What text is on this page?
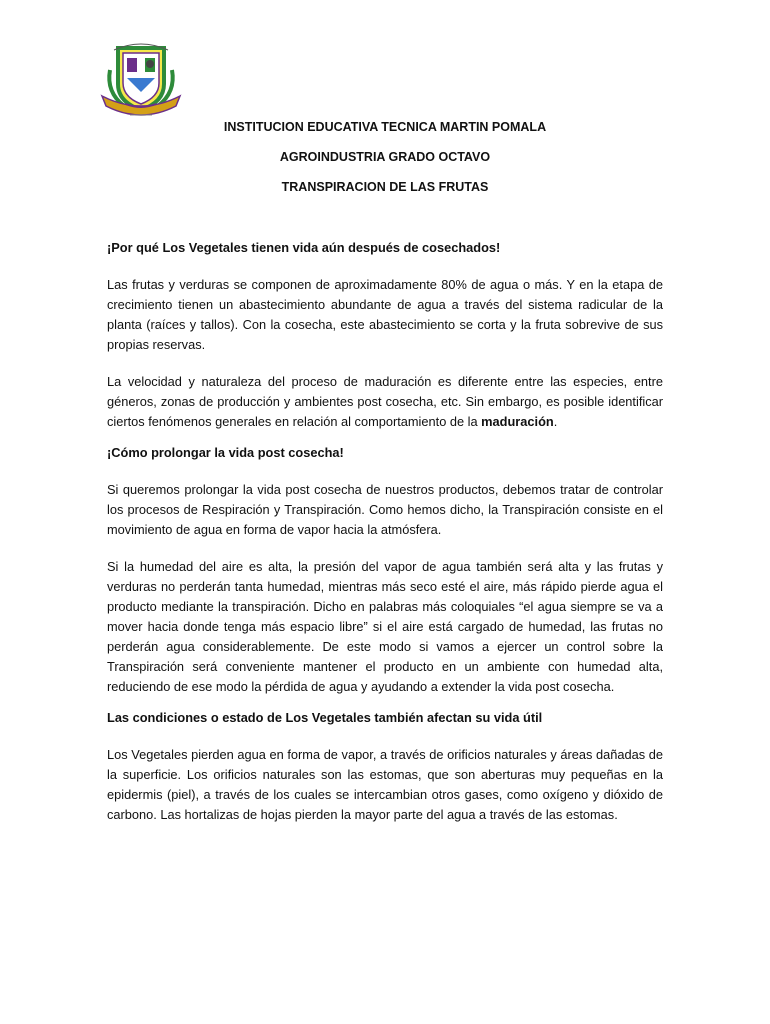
INSTITUCION EDUCATIVA TECNICA MARTIN POMALA
AGROINDUSTRIA GRADO OCTAVO
TRANSPIRACION DE LAS FRUTAS

¡Por qué Los Vegetales tienen vida aún después de cosechados!

Las frutas y verduras se componen de aproximadamente 80% de agua o más. Y en la etapa de crecimiento tienen un abastecimiento abundante de agua a través del sistema radicular de la planta (raíces y tallos). Con la cosecha, este abastecimiento se corta y la fruta sobrevive de sus propias reservas.

La velocidad y naturaleza del proceso de maduración es diferente entre las especies, entre géneros, zonas de producción y ambientes post cosecha, etc. Sin embargo, es posible identificar ciertos fenómenos generales en relación al comportamiento de la maduración.

¡Cómo prolongar la vida post cosecha!

Si queremos prolongar la vida post cosecha de nuestros productos, debemos tratar de controlar los procesos de Respiración y Transpiración. Como hemos dicho, la Transpiración consiste en el movimiento de agua en forma de vapor hacia la atmósfera.

Si la humedad del aire es alta, la presión del vapor de agua también será alta y las frutas y verduras no perderán tanta humedad, mientras más seco esté el aire, más rápido pierde agua el producto mediante la transpiración. Dicho en palabras más coloquiales “el agua siempre se va a mover hacia donde tenga más espacio libre” si el aire está cargado de humedad, las frutas no perderán agua considerablemente. De este modo si vamos a ejercer un control sobre la Transpiración será conveniente mantener el producto en un ambiente con humedad alta, reduciendo de ese modo la pérdida de agua y ayudando a extender la vida post cosecha.

Las condiciones o estado de Los Vegetales también afectan su vida útil

Los Vegetales pierden agua en forma de vapor, a través de orificios naturales y áreas dañadas de la superficie. Los orificios naturales son las estomas, que son aberturas muy pequeñas en la epidermis (piel), a través de los cuales se intercambian otros gases, como oxígeno y dióxido de carbono. Las hortalizas de hojas pierden la mayor parte del agua a través de las estomas.
